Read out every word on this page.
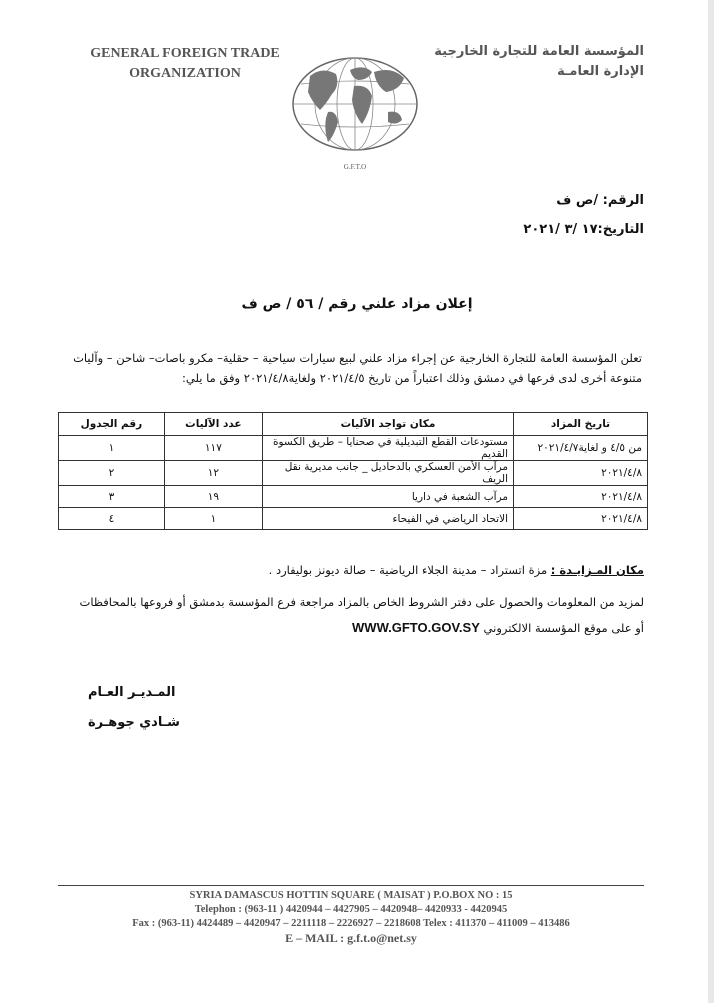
GENERAL FOREIGN TRADE
ORGANIZATION
المؤسسة العامة للتجارة الخارجية
الإدارة العامـة
G.F.T.O
الرقم: /ص ف
التاريخ:١٧ /٣ /٢٠٢١
إعلان مزاد علني رقم / ٥٦ / ص ف
تعلن المؤسسة العامة للتجارة الخارجية عن إجراء مزاد علني لبيع سيارات سياحية – حقلية– مكرو باصات– شاحن – وآليات متنوعة أخرى لدى فرعها في دمشق وذلك اعتباراً من تاريخ ٢٠٢١/٤/٥ ولغاية٢٠٢١/٤/٨ وفق ما يلي:
تاريخ المزاد	مكان تواجد الآليات	عدد الآليات	رقم الجدول
من ٤/٥ و لغاية٢٠٢١/٤/٧	مستودعات القطع التبديلية في صحنايا – طريق الكسوة القديم	١١٧	١
٢٠٢١/٤/٨	مرآب الأمن العسكري بالدحاديل _ جانب مديرية نقل الريف	١٢	٢
٢٠٢١/٤/٨	مرآب الشعبة في داريا	١٩	٣
٢٠٢١/٤/٨	الاتحاد الرياضي في الفيحاء	١	٤
مكان المـزايـدة : مزة اتستراد – مدينة الجلاء الرياضية – صالة ديونز بوليفارد .
لمزيد من المعلومات والحصول على دفتر الشروط الخاص بالمزاد مراجعة فرع المؤسسة بدمشق أو فروعها بالمحافظات
أو على موقع المؤسسة الالكتروني WWW.GFTO.GOV.SY
المـديـر العـام
شـادي جوهـرة
SYRIA DAMASCUS HOTTIN SQUARE ( MAISAT ) P.O.BOX NO : 15
Telephon : (963-11 ) 4420944 – 4427905 – 4420948– 4420933 - 4420945
Fax : (963-11) 4424489 – 4420947 – 2211118 – 2226927 – 2218608 Telex : 411370 – 411009 – 413486
E – MAIL : g.f.t.o@net.sy
